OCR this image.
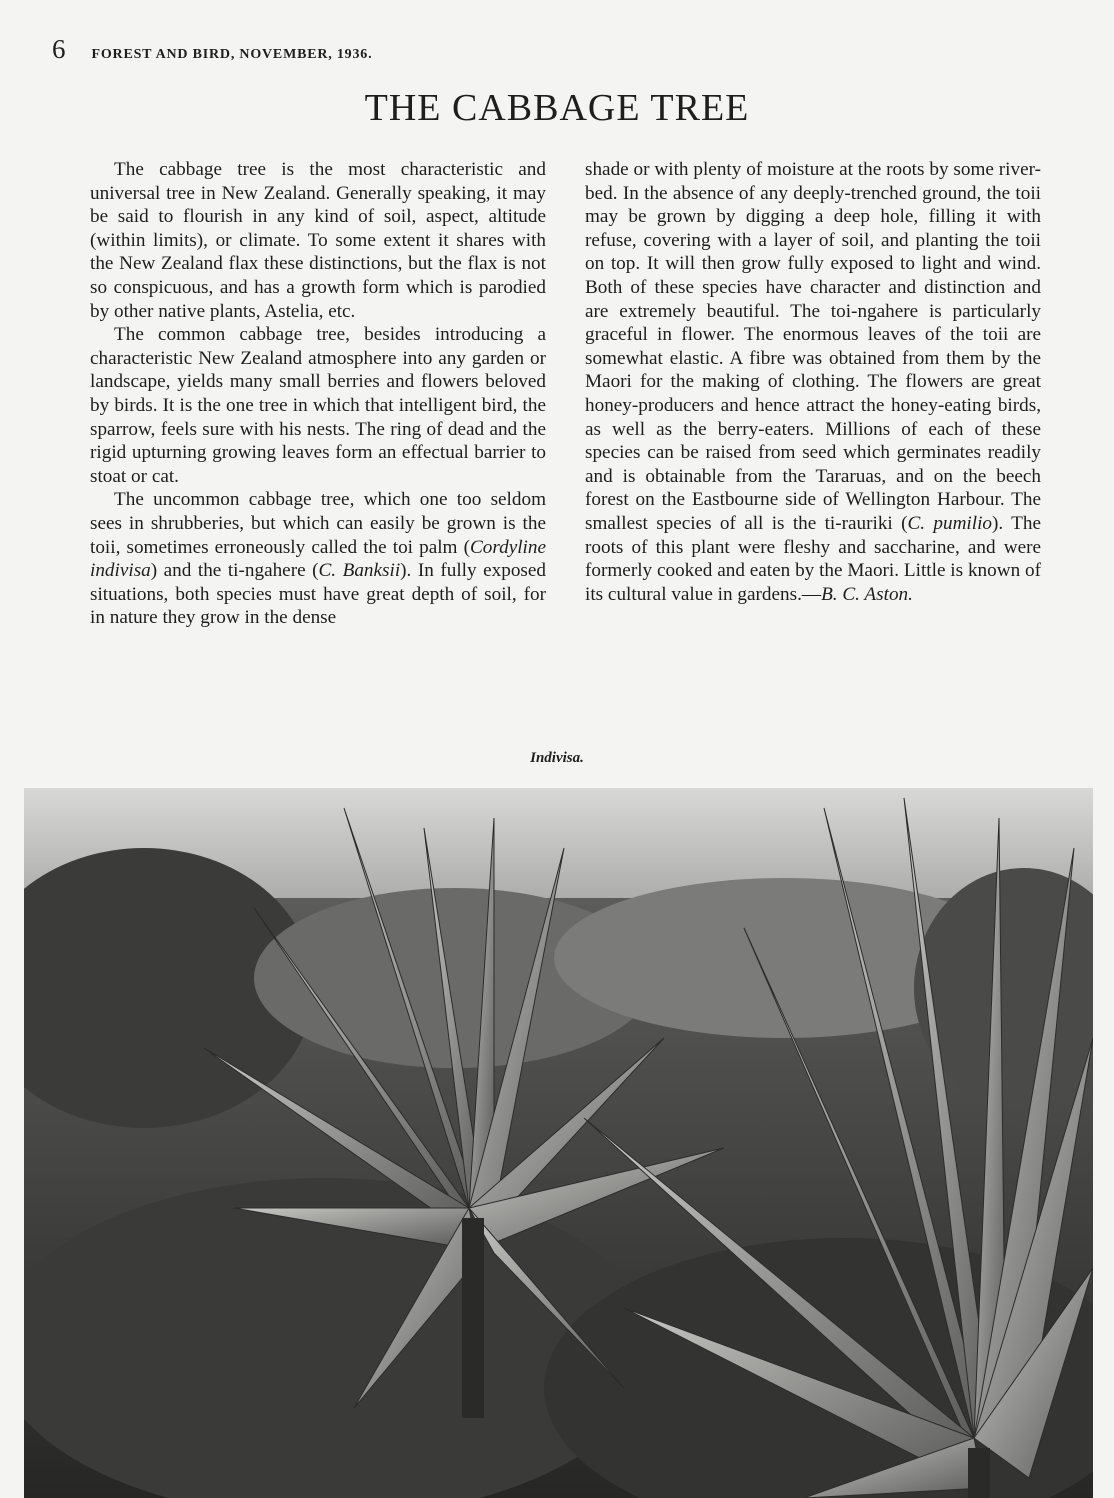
6 FOREST AND BIRD, NOVEMBER, 1936.
THE CABBAGE TREE

The cabbage tree is the most characteristic and universal tree in New Zealand. Generally speaking, it may be said to flourish in any kind of soil, aspect, altitude (within limits), or climate. To some extent it shares with the New Zealand flax these distinctions, but the flax is not so conspicuous, and has a growth form which is parodied by other native plants, Astelia, etc.

The common cabbage tree, besides introducing a characteristic New Zealand atmosphere into any garden or landscape, yields many small berries and flowers beloved by birds. It is the one tree in which that intelligent bird, the sparrow, feels sure with his nests. The ring of dead and the rigid upturning growing leaves form an effectual barrier to stoat or cat.

The uncommon cabbage tree, which one too seldom sees in shrubberies, but which can easily be grown is the toii, sometimes erroneously called the toi palm (Cordyline indivisa) and the ti-ngahere (C. Banksii). In fully exposed situations, both species must have great depth of soil, for in nature they grow in the dense

shade or with plenty of moisture at the roots by some river-bed. In the absence of any deeply-trenched ground, the toii may be grown by digging a deep hole, filling it with refuse, covering with a layer of soil, and planting the toii on top. It will then grow fully exposed to light and wind. Both of these species have character and distinction and are extremely beautiful. The toi-ngahere is particularly graceful in flower. The enormous leaves of the toii are somewhat elastic. A fibre was obtained from them by the Maori for the making of clothing. The flowers are great honey-producers and hence attract the honey-eating birds, as well as the berry-eaters. Millions of each of these species can be raised from seed which germinates readily and is obtainable from the Tararuas, and on the beech forest on the Eastbourne side of Wellington Harbour. The smallest species of all is the ti-rauriki (C. pumilio). The roots of this plant were fleshy and saccharine, and were formerly cooked and eaten by the Maori. Little is known of its cultural value in gardens.—B. C. Aston.

Indivisa.
